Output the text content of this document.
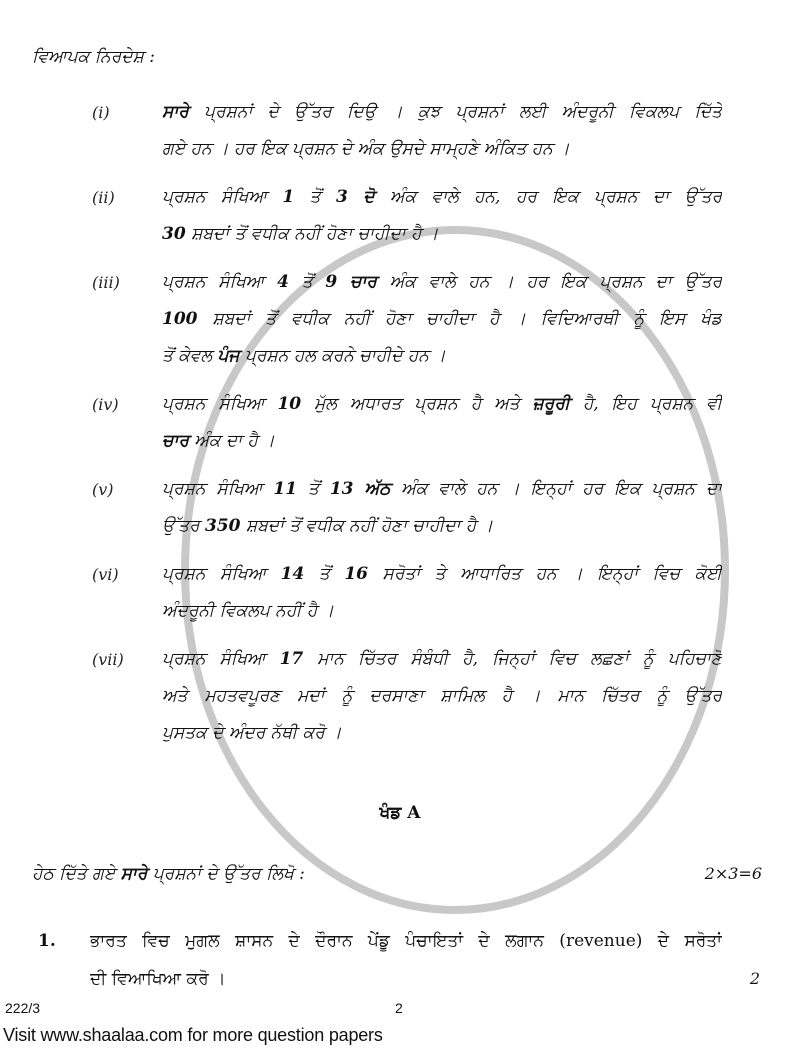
ਵਿਆਪਕ ਨਿਰਦੇਸ਼ :
(i)	ਸਾਰੇ ਪ੍ਰਸ਼ਨਾਂ ਦੇ ਉੱਤਰ ਦਿਉ । ਕੁਝ ਪ੍ਰਸ਼ਨਾਂ ਲਈ ਅੰਦਰੂਨੀ ਵਿਕਲਪ ਦਿੱਤੇ
ਗਏ ਹਨ । ਹਰ ਇਕ ਪ੍ਰਸ਼ਨ ਦੇ ਅੰਕ ਉਸਦੇ ਸਾਮ੍ਹਣੇ ਅੰਕਿਤ ਹਨ ।
(ii)	ਪ੍ਰਸ਼ਨ ਸੰਖਿਆ 1 ਤੋਂ 3 ਦੋ ਅੰਕ ਵਾਲੇ ਹਨ, ਹਰ ਇਕ ਪ੍ਰਸ਼ਨ ਦਾ ਉੱਤਰ
30 ਸ਼ਬਦਾਂ ਤੋਂ ਵਧੀਕ ਨਹੀਂ ਹੋਣਾ ਚਾਹੀਦਾ ਹੈ ।
(iii) ਪ੍ਰਸ਼ਨ ਸੰਖਿਆ 4 ਤੋਂ 9 ਚਾਰ ਅੰਕ ਵਾਲੇ ਹਨ । ਹਰ ਇਕ ਪ੍ਰਸ਼ਨ ਦਾ ਉੱਤਰ
100 ਸ਼ਬਦਾਂ ਤੋਂ ਵਧੀਕ ਨਹੀਂ ਹੋਣਾ ਚਾਹੀਦਾ ਹੈ । ਵਿਦਿਆਰਥੀ ਨੂੰ ਇਸ ਖੰਡ
ਤੋਂ ਕੇਵਲ ਪੰਜ ਪ੍ਰਸ਼ਨ ਹਲ ਕਰਨੇ ਚਾਹੀਦੇ ਹਨ ।
(iv)	ਪ੍ਰਸ਼ਨ ਸੰਖਿਆ 10 ਮੁੱਲ ਅਧਾਰਤ ਪ੍ਰਸ਼ਨ ਹੈ ਅਤੇ ਜ਼ਰੂਰੀ ਹੈ, ਇਹ ਪ੍ਰਸ਼ਨ ਵੀ
ਚਾਰ ਅੰਕ ਦਾ ਹੈ ।
(v)	ਪ੍ਰਸ਼ਨ ਸੰਖਿਆ 11 ਤੋਂ 13 ਅੱਠ ਅੰਕ ਵਾਲੇ ਹਨ । ਇਨ੍ਹਾਂ ਹਰ ਇਕ ਪ੍ਰਸ਼ਨ ਦਾ
ਉੱਤਰ 350 ਸ਼ਬਦਾਂ ਤੋਂ ਵਧੀਕ ਨਹੀਂ ਹੋਣਾ ਚਾਹੀਦਾ ਹੈ ।
(vi)	ਪ੍ਰਸ਼ਨ ਸੰਖਿਆ 14 ਤੋਂ 16 ਸਰੋਤਾਂ ਤੇ ਆਧਾਰਿਤ ਹਨ । ਇਨ੍ਹਾਂ ਵਿਚ ਕੋਈ
ਅੰਦਰੂਨੀ ਵਿਕਲਪ ਨਹੀਂ ਹੈ ।
(vii) ਪ੍ਰਸ਼ਨ ਸੰਖਿਆ 17 ਮਾਨ ਚਿੱਤਰ ਸੰਬੰਧੀ ਹੈ, ਜਿਨ੍ਹਾਂ ਵਿਚ ਲਛਣਾਂ ਨੂੰ ਪਹਿਚਾਣੋ
ਅਤੇ ਮਹਤਵਪੂਰਣ ਮਦਾਂ ਨੂੰ ਦਰਸਾਣਾ ਸ਼ਾਮਿਲ ਹੈ । ਮਾਨ ਚਿੱਤਰ ਨੂੰ ਉੱਤਰ
ਪੁਸਤਕ ਦੇ ਅੰਦਰ ਨੱਥੀ ਕਰੋ ।
ਖੰਡ A
ਹੇਠ ਦਿੱਤੇ ਗਏ ਸਾਰੇ ਪ੍ਰਸ਼ਨਾਂ ਦੇ ਉੱਤਰ ਲਿਖੋ :	2×3=6
1. ਭਾਰਤ ਵਿਚ ਮੁਗਲ ਸ਼ਾਸਨ ਦੇ ਦੌਰਾਨ ਪੇਂਡੂ ਪੰਚਾਇਤਾਂ ਦੇ ਲਗਾਨ (revenue) ਦੇ ਸਰੋਤਾਂ
ਦੀ ਵਿਆਖਿਆ ਕਰੋ ।	2
222/3	2
Visit www.shaalaa.com for more question papers
